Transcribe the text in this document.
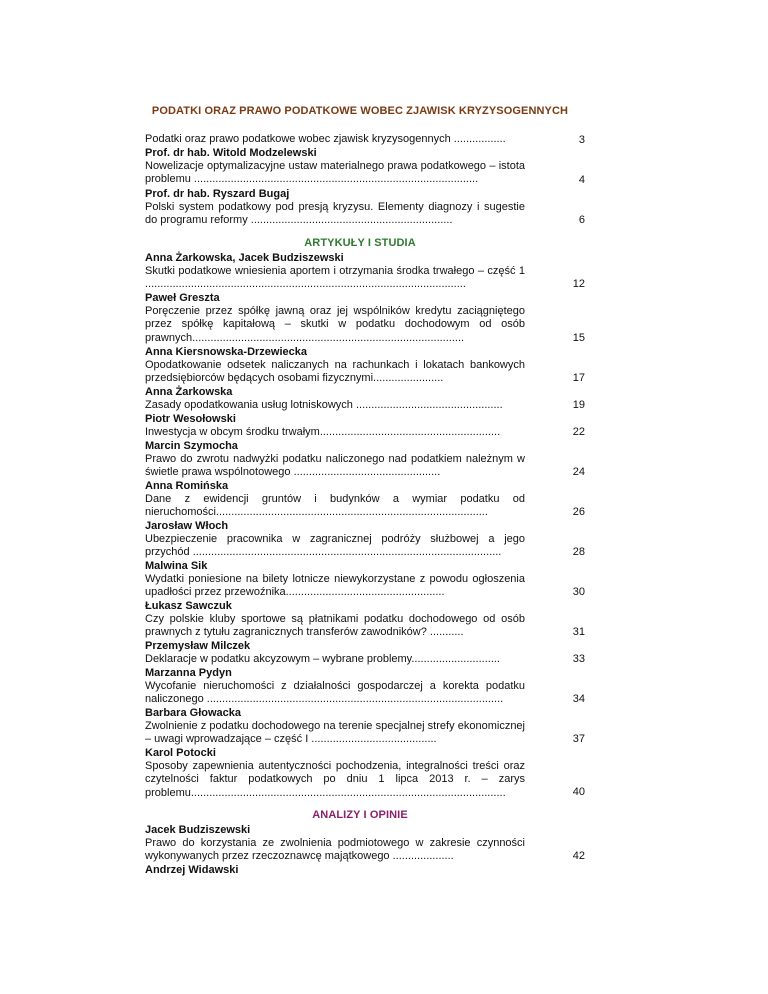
PODATKI ORAZ PRAWO PODATKOWE WOBEC ZJAWISK KRYZYSOGENNYCH
Podatki oraz prawo podatkowe wobec zjawisk kryzysogennych .................	3
Prof. dr hab. Witold Modzelewski
Nowelizacje optymalizacyjne ustaw materialnego prawa podatkowego – istota problemu .............................................................................................	4
Prof. dr hab. Ryszard Bugaj
Polski system podatkowy pod presją kryzysu. Elementy diagnozy i sugestie do programu reformy ..................................................................	6
ARTYKUŁY I STUDIA
Anna Żarkowska, Jacek Budziszewski
Skutki podatkowe wniesienia aportem i otrzymania środka trwałego – część 1 .........................................................................................................	12
Paweł Greszta
Poręczenie przez spółkę jawną oraz jej wspólników kredytu zaciągniętego przez spółkę kapitałową – skutki w podatku dochodowym od osób prawnych.........................................................................................	15
Anna Kiersnowska-Drzewiecka
Opodatkowanie odsetek naliczanych na rachunkach i lokatach bankowych przedsiębiorców będących osobami fizycznymi.......................	17
Anna Żarkowska
Zasady opodatkowania usług lotniskowych ................................................	19
Piotr Wesołowski
Inwestycja w obcym środku trwałym...........................................................	22
Marcin Szymocha
Prawo do zwrotu nadwyżki podatku naliczonego nad podatkiem należnym w świetle prawa wspólnotowego ................................................	24
Anna Romińska
Dane z ewidencji gruntów i budynków a wymiar podatku od nieruchomości.........................................................................................	26
Jarosław Włoch
Ubezpieczenie pracownika w zagranicznej podróży służbowej a jego przychód .....................................................................................................	28
Malwina Sik
Wydatki poniesione na bilety lotnicze niewykorzystane z powodu ogłoszenia upadłości przez przewoźnika....................................................	30
Łukasz Sawczuk
Czy polskie kluby sportowe są płatnikami podatku dochodowego od osób prawnych z tytułu zagranicznych transferów zawodników? ...........	31
Przemysław Milczek
Deklaracje w podatku akcyzowym – wybrane problemy.............................	33
Marzanna Pydyn
Wycofanie nieruchomości z działalności gospodarczej a korekta podatku naliczonego .................................................................................................	34
Barbara Głowacka
Zwolnienie z podatku dochodowego na terenie specjalnej strefy ekonomicznej – uwagi wprowadzające – część I .........................................	37
Karol Potocki
Sposoby zapewnienia autentyczności pochodzenia, integralności treści oraz czytelności faktur podatkowych po dniu 1 lipca 2013 r. – zarys problemu.......................................................................................................	40
ANALIZY I OPINIE
Jacek Budziszewski
Prawo do korzystania ze zwolnienia podmiotowego w zakresie czynności wykonywanych przez rzeczoznawcę majątkowego ....................	42
Andrzej Widawski
